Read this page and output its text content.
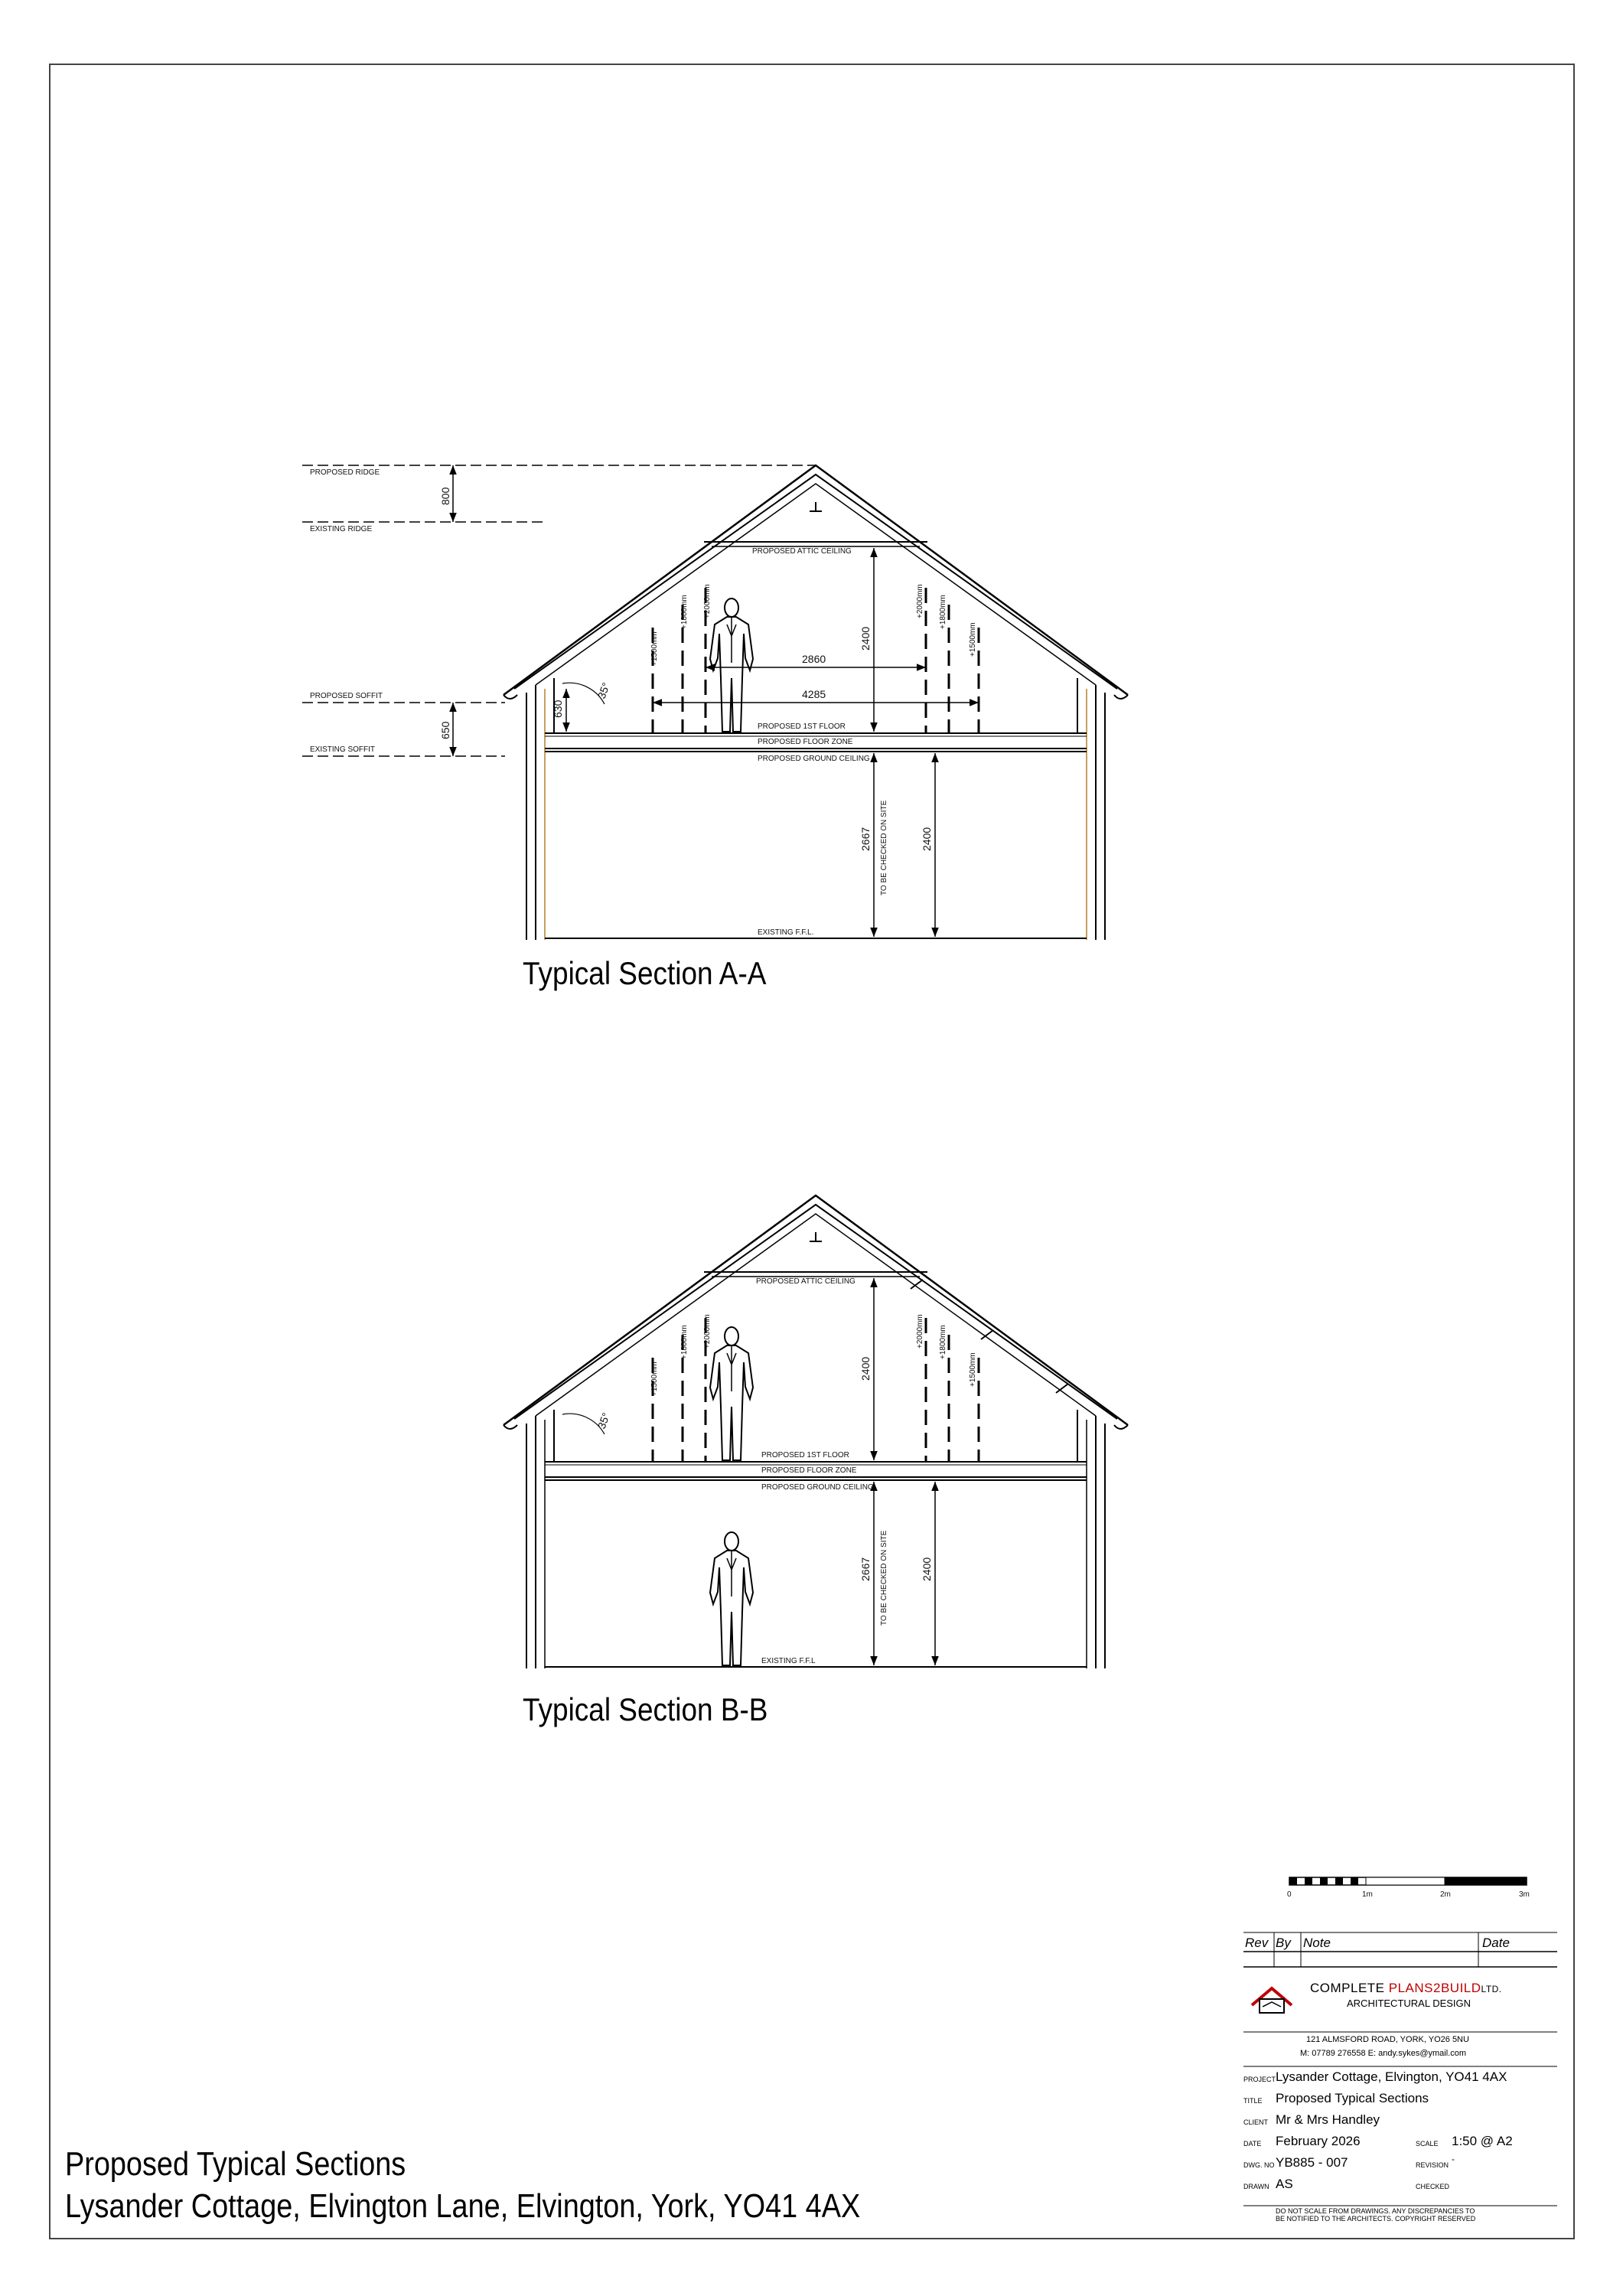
PROPOSED RIDGE
EXISTING RIDGE
PROPOSED SOFFIT
EXISTING SOFFIT
PROPOSED ATTIC CEILING
PROPOSED 1ST FLOOR
PROPOSED FLOOR ZONE
PROPOSED GROUND CEILING
EXISTING F.F.L.
TO BE CHECKED ON SITE
800
650
630
35°
2860
4285
2400
2667	2400
+1500mm
+1800mm +2000mm	+2000mm +1800mm
+1500mm
PROPOSED ATTIC CEILING
PROPOSED 1ST FLOOR
PROPOSED FLOOR ZONE
PROPOSED GROUND CEILING
EXISTING F.F.L
TO BE CHECKED ON SITE
35°
2400
2667	2400
+1500mm
+1800mm +2000mm	+2000mm +1800mm
+1500mm
0	1m	2m	3m
Typical Section A-A
Typical Section B-B
Rev By Note	Date
COMPLETE PLANS2BUILDLTD.
ARCHITECTURAL DESIGN
121 ALMSFORD ROAD, YORK, YO26 5NU
M: 07789 276558 E: andy.sykes@ymail.com
PROJECT Lysander Cottage, Elvington, YO41 4AX
TITLE Proposed Typical Sections
CLIENT Mr & Mrs Handley
DATE February 2026	SCALE 1:50 @ A2
DWG. NO YB885 - 007	REVISION
-
DRAWN AS	CHECKED
DO NOT SCALE FROM DRAWINGS. ANY DISCREPANCIES TO
BE NOTIFIED TO THE ARCHITECTS. COPYRIGHT RESERVED
Proposed Typical Sections
Lysander Cottage, Elvington Lane, Elvington, York, YO41 4AX
